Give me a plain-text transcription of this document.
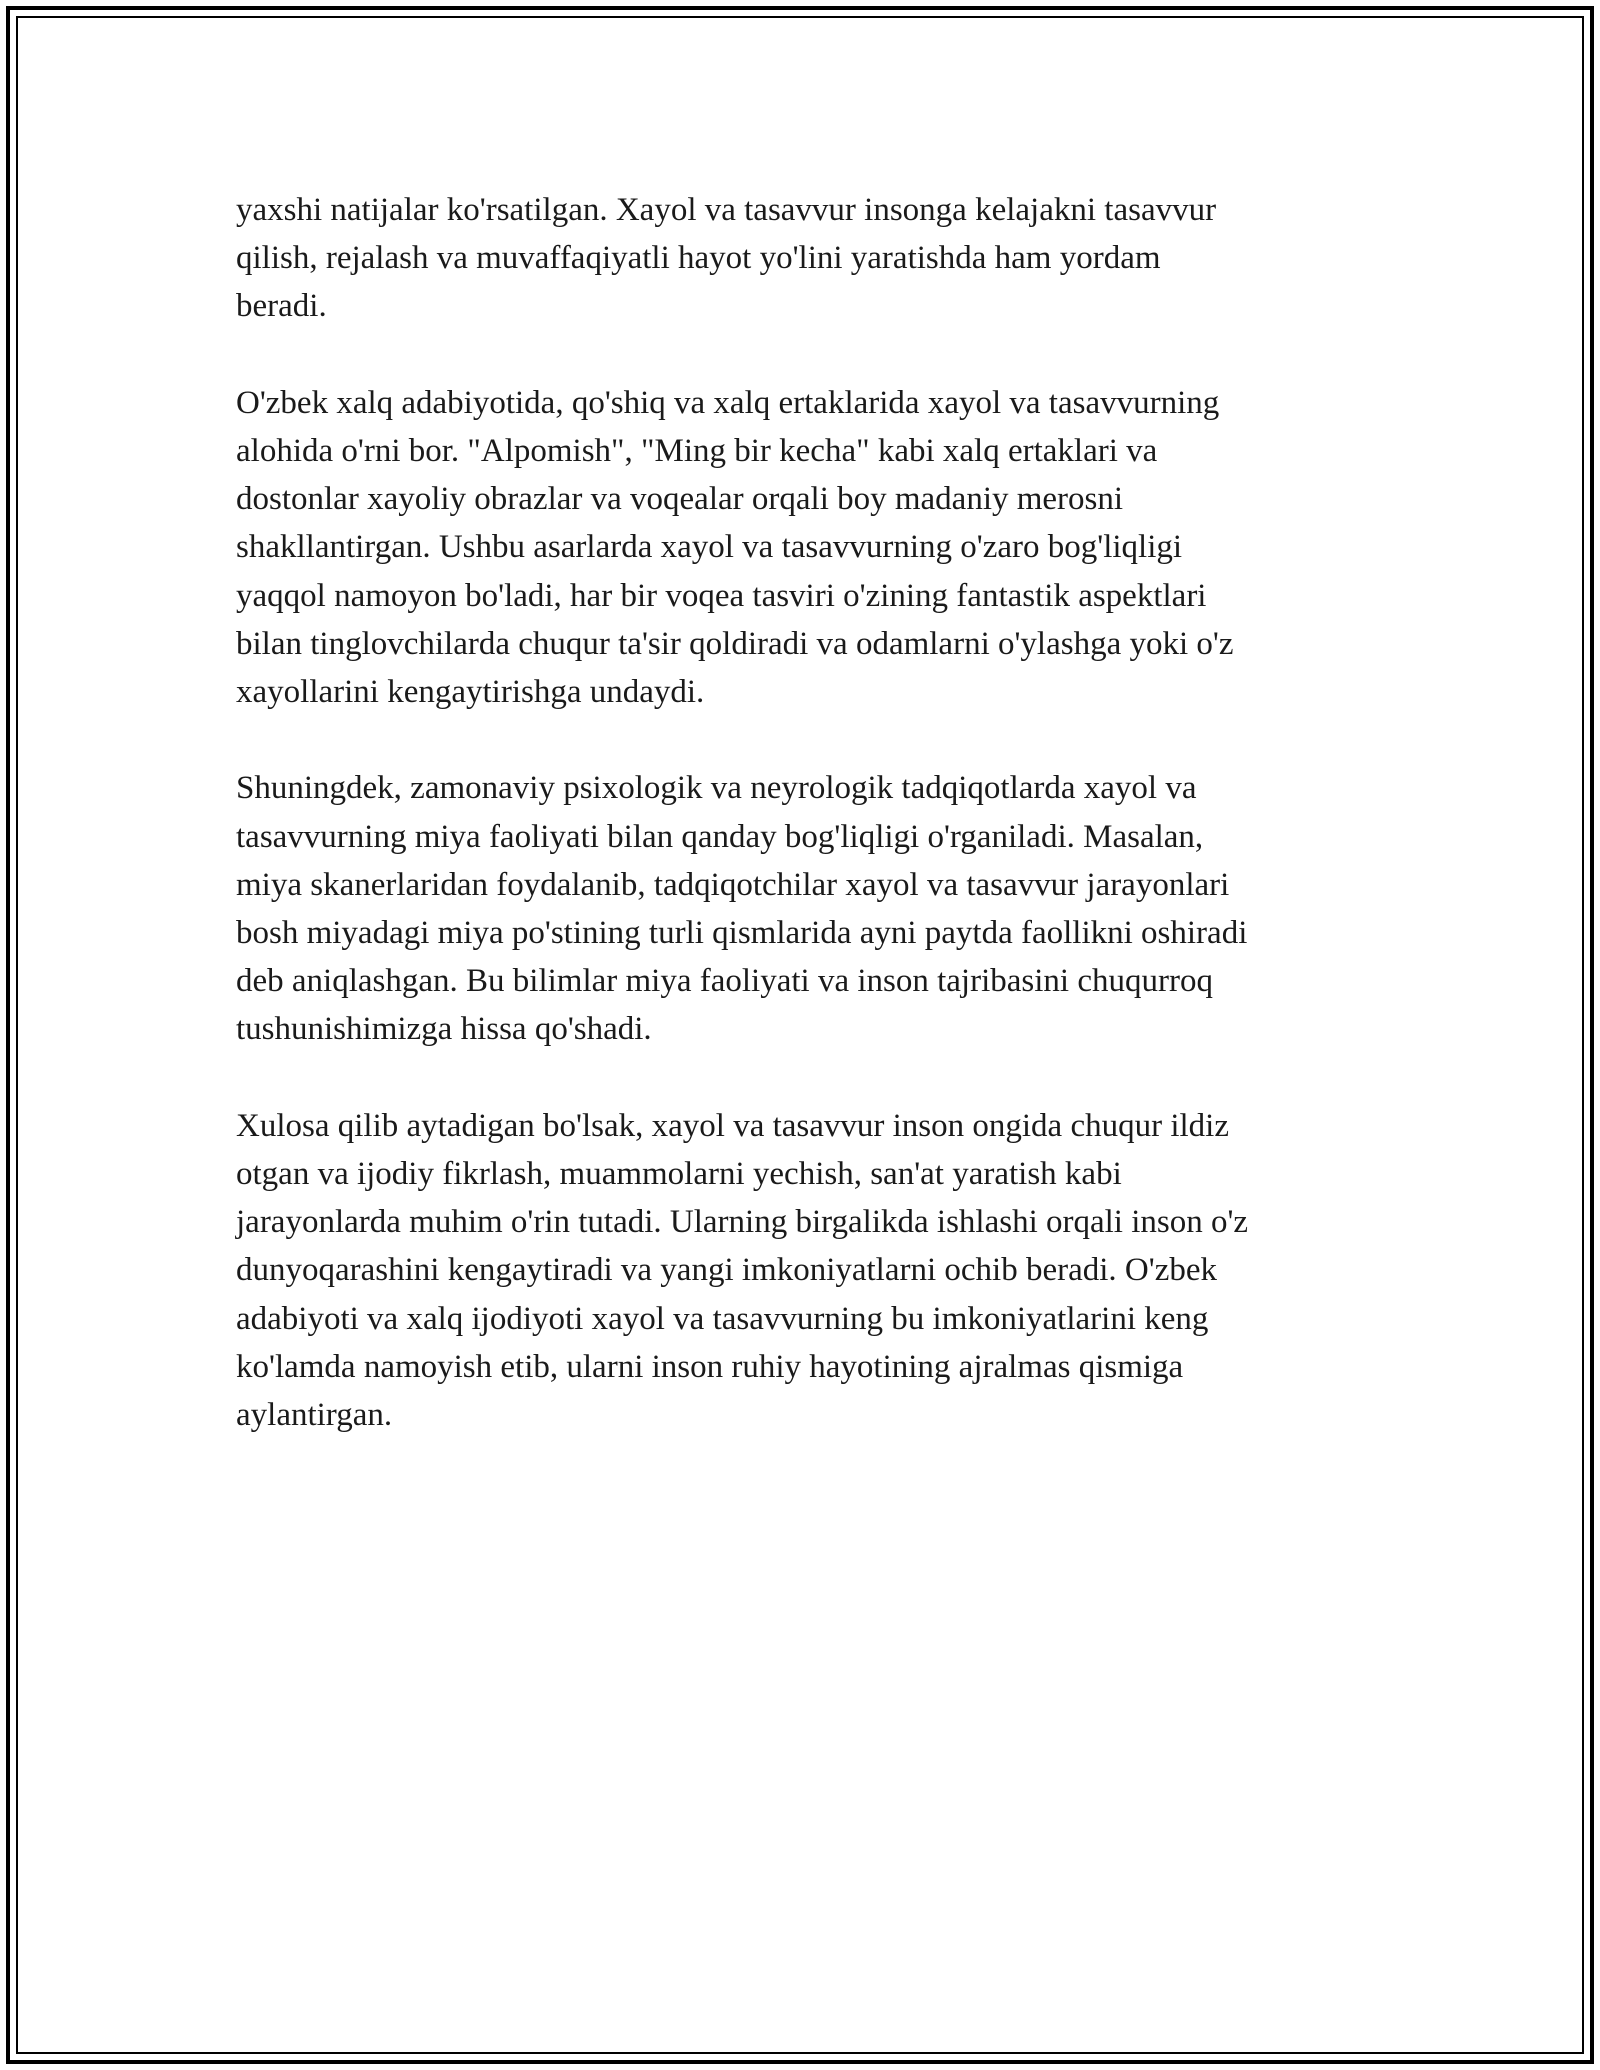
yaxshi natijalar ko'rsatilgan. Xayol va tasavvur insonga kelajakni tasavvur
qilish, rejalash va muvaffaqiyatli hayot yo'lini yaratishda ham yordam
beradi.

O'zbek xalq adabiyotida, qo'shiq va xalq ertaklarida xayol va tasavvurning
alohida o'rni bor. "Alpomish", "Ming bir kecha" kabi xalq ertaklari va
dostonlar xayoliy obrazlar va voqealar orqali boy madaniy merosni
shakllantirgan. Ushbu asarlarda xayol va tasavvurning o'zaro bog'liqligi
yaqqol namoyon bo'ladi, har bir voqea tasviri o'zining fantastik aspektlari
bilan tinglovchilarda chuqur ta'sir qoldiradi va odamlarni o'ylashga yoki o'z
xayollarini kengaytirishga undaydi.

Shuningdek, zamonaviy psixologik va neyrologik tadqiqotlarda xayol va
tasavvurning miya faoliyati bilan qanday bog'liqligi o'rganiladi. Masalan,
miya skanerlaridan foydalanib, tadqiqotchilar xayol va tasavvur jarayonlari
bosh miyadagi miya po'stining turli qismlarida ayni paytda faollikni oshiradi
deb aniqlashgan. Bu bilimlar miya faoliyati va inson tajribasini chuqurroq
tushunishimizga hissa qo'shadi.

Xulosa qilib aytadigan bo'lsak, xayol va tasavvur inson ongida chuqur ildiz
otgan va ijodiy fikrlash, muammolarni yechish, san'at yaratish kabi
jarayonlarda muhim o'rin tutadi. Ularning birgalikda ishlashi orqali inson o'z
dunyoqarashini kengaytiradi va yangi imkoniyatlarni ochib beradi. O'zbek
adabiyoti va xalq ijodiyoti xayol va tasavvurning bu imkoniyatlarini keng
ko'lamda namoyish etib, ularni inson ruhiy hayotining ajralmas qismiga
aylantirgan.
